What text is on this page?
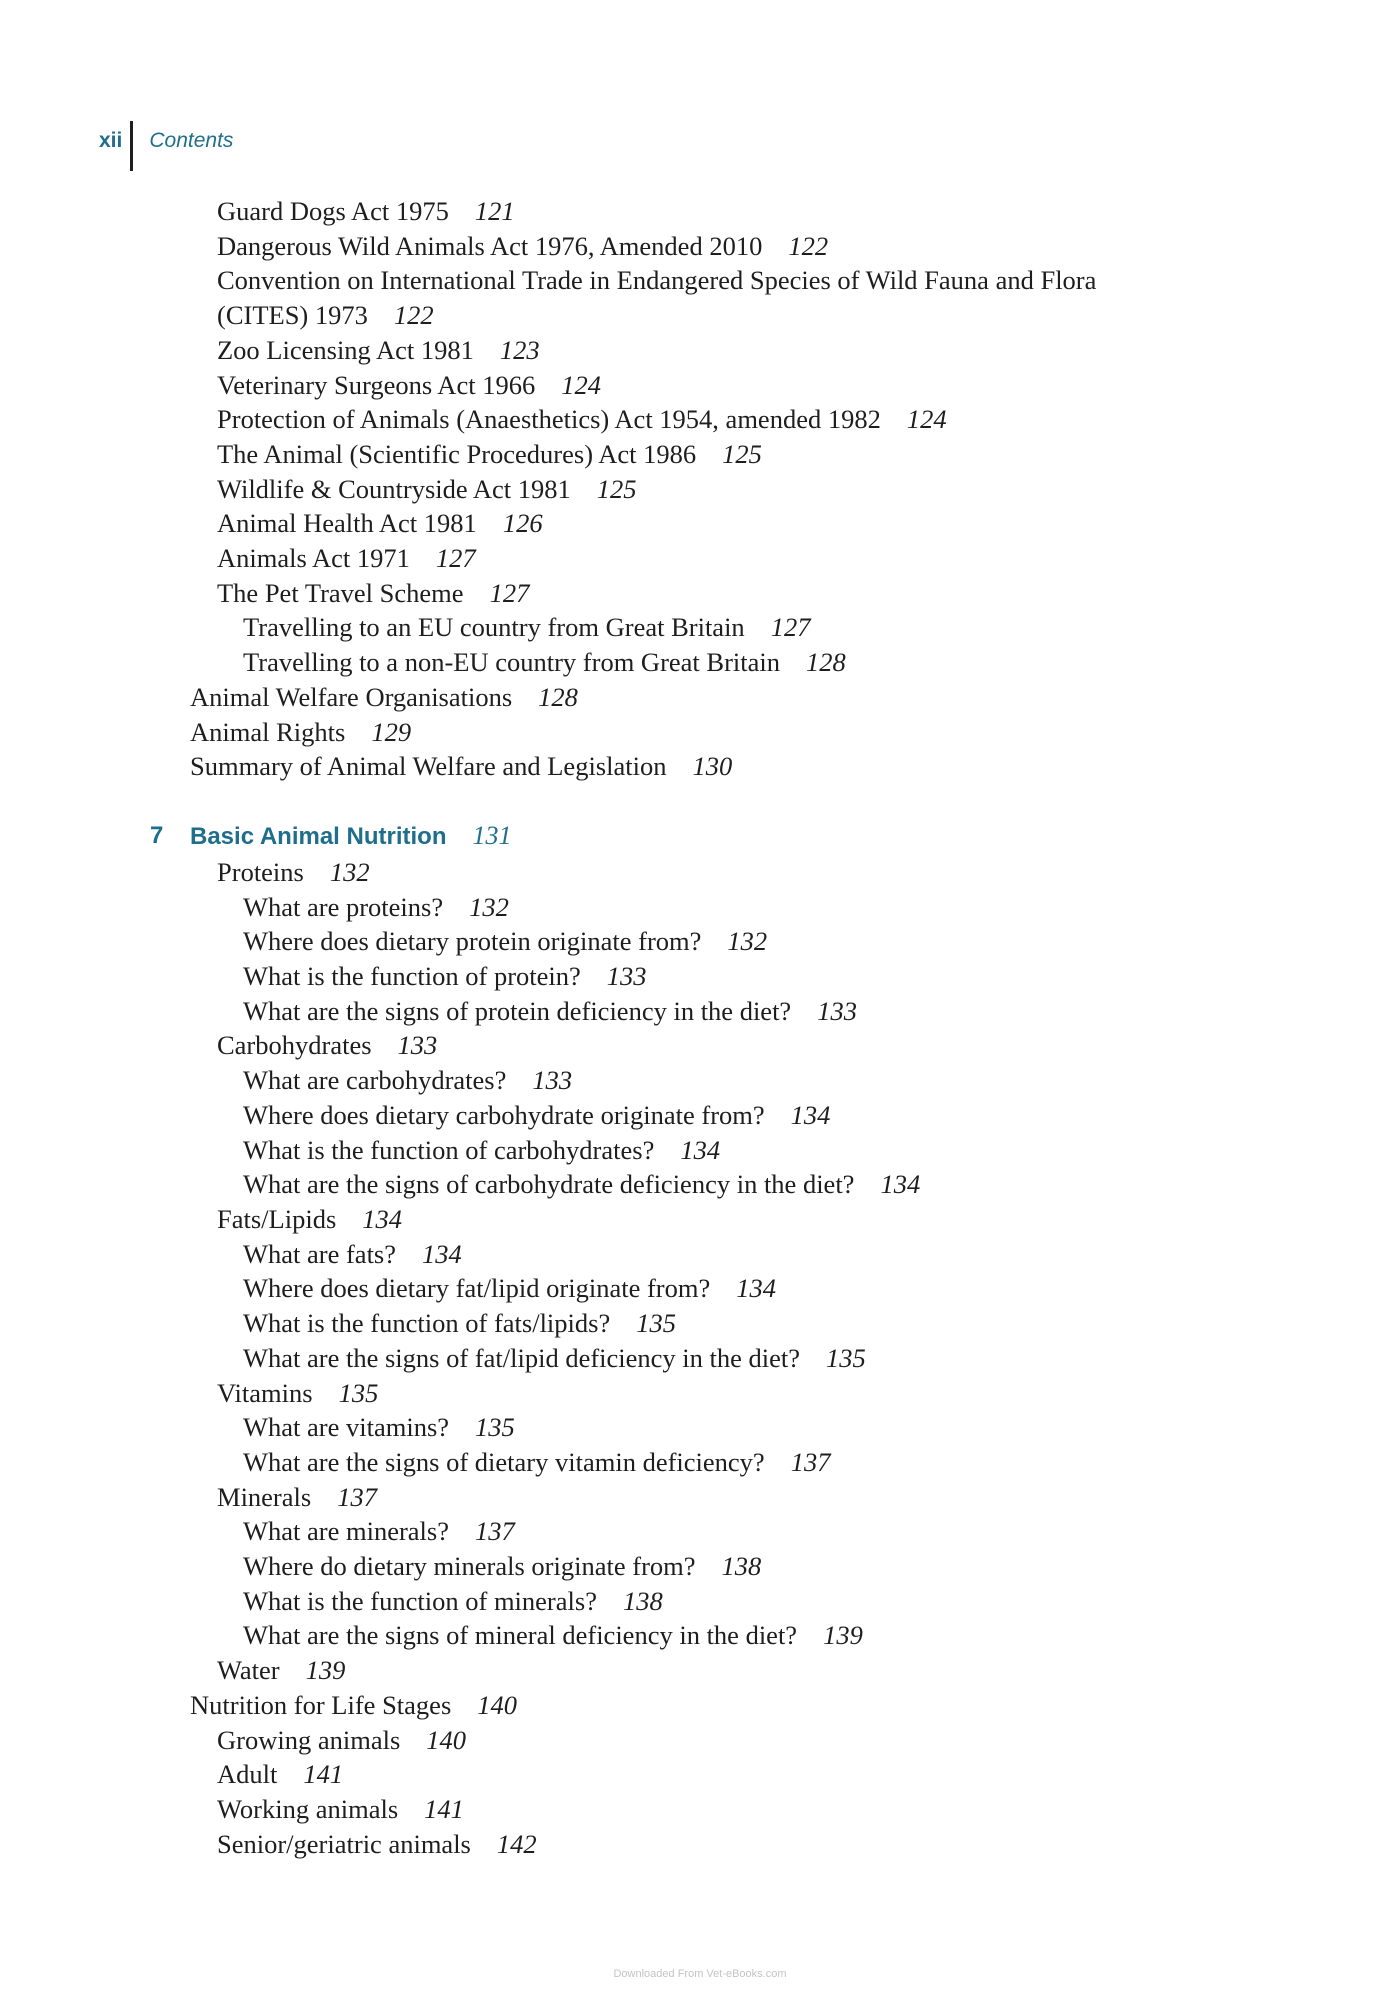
xii	Contents
Guard Dogs Act 1975 121
Dangerous Wild Animals Act 1976, Amended 2010 122
Convention on International Trade in Endangered Species of Wild Fauna and Flora
(CITES) 1973 122
Zoo Licensing Act 1981 123
Veterinary Surgeons Act 1966 124
Protection of Animals (Anaesthetics) Act 1954, amended 1982 124
The Animal (Scientific Procedures) Act 1986 125
Wildlife & Countryside Act 1981 125
Animal Health Act 1981 126
Animals Act 1971 127
The Pet Travel Scheme 127
Travelling to an EU country from Great Britain 127
Travelling to a non-EU country from Great Britain 128
Animal Welfare Organisations 128
Animal Rights 129
Summary of Animal Welfare and Legislation 130
7 Basic Animal Nutrition 131
Proteins 132
What are proteins? 132
Where does dietary protein originate from? 132
What is the function of protein? 133
What are the signs of protein deficiency in the diet? 133
Carbohydrates 133
What are carbohydrates? 133
Where does dietary carbohydrate originate from? 134
What is the function of carbohydrates? 134
What are the signs of carbohydrate deficiency in the diet? 134
Fats/Lipids 134
What are fats? 134
Where does dietary fat/lipid originate from? 134
What is the function of fats/lipids? 135
What are the signs of fat/lipid deficiency in the diet? 135
Vitamins 135
What are vitamins? 135
What are the signs of dietary vitamin deficiency? 137
Minerals 137
What are minerals? 137
Where do dietary minerals originate from? 138
What is the function of minerals? 138
What are the signs of mineral deficiency in the diet? 139
Water 139
Nutrition for Life Stages 140
Growing animals 140
Adult 141
Working animals 141
Senior/geriatric animals 142
Downloaded From Vet-eBooks.com
